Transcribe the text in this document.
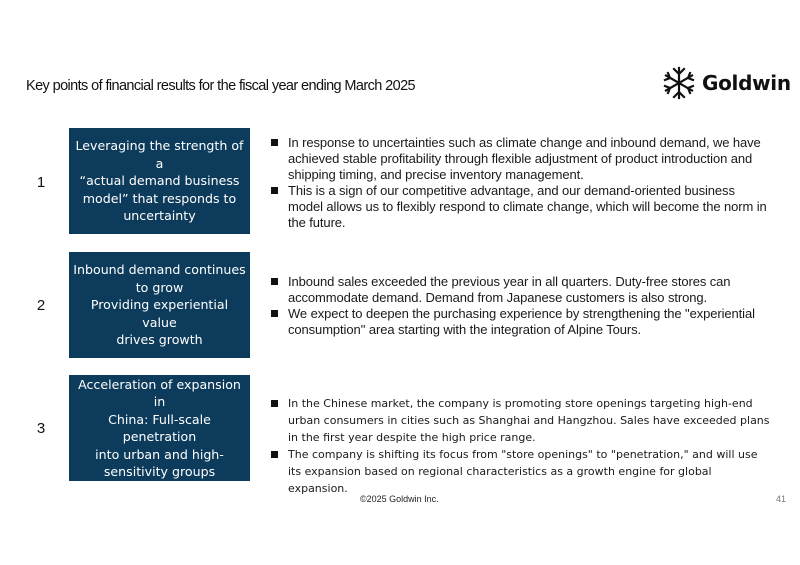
Key points of financial results for the fiscal year ending March 2025	Goldwin
1
Leveraging the strength of a
“actual demand business
model” that responds to
uncertainty
In response to uncertainties such as climate change and inbound demand, we have achieved stable profitability through flexible adjustment of product introduction and shipping timing, and precise inventory management.
This is a sign of our competitive advantage, and our demand-oriented business model allows us to flexibly respond to climate change, which will become the norm in the future.
2
Inbound demand continues
to grow
Providing experiential value
drives growth
Inbound sales exceeded the previous year in all quarters. Duty-free stores can accommodate demand. Demand from Japanese customers is also strong.
We expect to deepen the purchasing experience by strengthening the "experiential consumption'' area starting with the integration of Alpine Tours.
3
Acceleration of expansion in
China: Full-scale penetration
into urban and high-
sensitivity groups
In the Chinese market, the company is promoting store openings targeting high-end urban consumers in cities such as Shanghai and Hangzhou. Sales have exceeded plans in the first year despite the high price range.
The company is shifting its focus from "store openings" to "penetration," and will use its expansion based on regional characteristics as a growth engine for global expansion.
©2025 Goldwin Inc.	41
